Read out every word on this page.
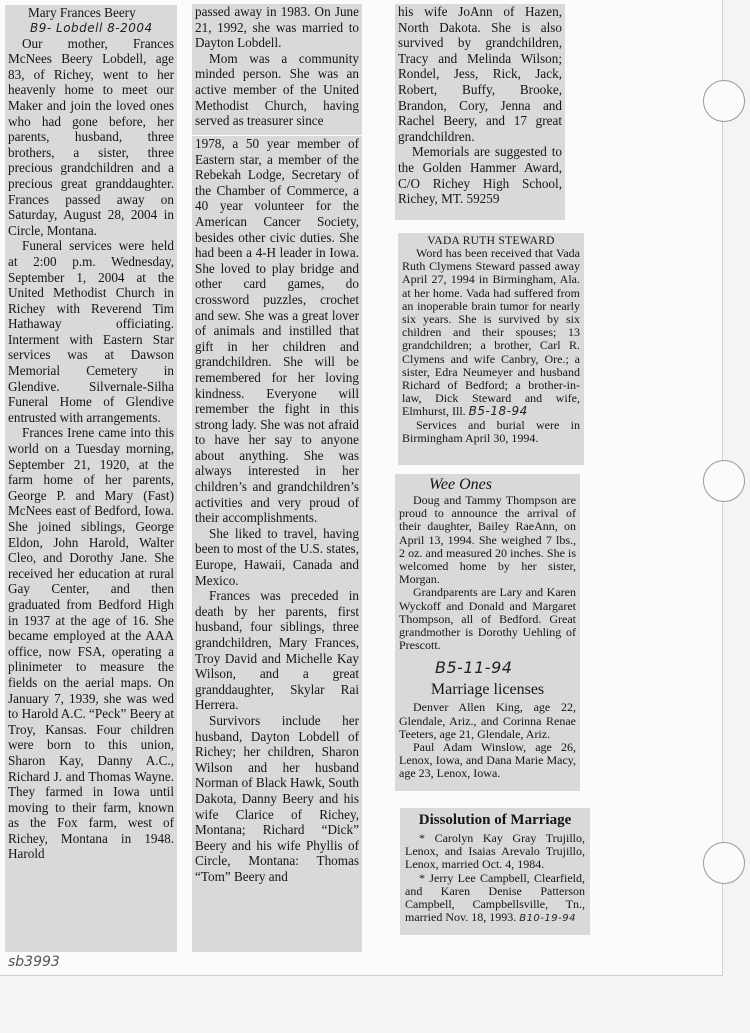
Mary Frances Beery
B9- Lobdell 8-2004

Our mother, Frances McNees Beery Lobdell, age 83, of Richey, went to her heavenly home to meet our Maker and join the loved ones who had gone before, her parents, husband, three brothers, a sister, three precious grandchildren and a precious great granddaughter. Frances passed away on Saturday, August 28, 2004 in Circle, Montana.

Funeral services were held at 2:00 p.m. Wednesday, September 1, 2004 at the United Methodist Church in Richey with Reverend Tim Hathaway officiating. Interment with Eastern Star services was at Dawson Memorial Cemetery in Glendive. Silvernale-Silha Funeral Home of Glendive entrusted with arrangements.

Frances Irene came into this world on a Tuesday morning, September 21, 1920, at the farm home of her parents, George P. and Mary (Fast) McNees east of Bedford, Iowa. She joined siblings, George Eldon, John Harold, Walter Cleo, and Dorothy Jane. She received her education at rural Gay Center, and then graduated from Bedford High in 1937 at the age of 16. She became employed at the AAA office, now FSA, operating a plinimeter to measure the fields on the aerial maps. On January 7, 1939, she was wed to Harold A.C. “Peck” Beery at Troy, Kansas. Four children were born to this union, Sharon Kay, Danny A.C., Richard J. and Thomas Wayne. They farmed in Iowa until moving to their farm, known as the Fox farm, west of Richey, Montana in 1948. Harold

passed away in 1983. On June 21, 1992, she was married to Dayton Lobdell.

Mom was a community minded person. She was an active member of the United Methodist Church, having served as treasurer since

1978, a 50 year member of Eastern star, a member of the Rebekah Lodge, Secretary of the Chamber of Commerce, a 40 year volunteer for the American Cancer Society, besides other civic duties. She had been a 4-H leader in Iowa. She loved to play bridge and other card games, do crossword puzzles, crochet and sew. She was a great lover of animals and instilled that gift in her children and grandchildren. She will be remembered for her loving kindness. Everyone will remember the fight in this strong lady. She was not afraid to have her say to anyone about anything. She was always interested in her children’s and grandchildren’s activities and very proud of their accomplishments.

She liked to travel, having been to most of the U.S. states, Europe, Hawaii, Canada and Mexico.

Frances was preceded in death by her parents, first husband, four siblings, three grandchildren, Mary Frances, Troy David and Michelle Kay Wilson, and a great granddaughter, Skylar Rai Herrera.

Survivors include her husband, Dayton Lobdell of Richey; her children, Sharon Wilson and her husband Norman of Black Hawk, South Dakota, Danny Beery and his wife Clarice of Richey, Montana; Richard “Dick” Beery and his wife Phyllis of Circle, Montana: Thomas “Tom” Beery and

his wife JoAnn of Hazen, North Dakota. She is also survived by grandchildren, Tracy and Melinda Wilson; Rondel, Jess, Rick, Jack, Robert, Buffy, Brooke, Brandon, Cory, Jenna and Rachel Beery, and 17 great grandchildren.

Memorials are suggested to the Golden Hammer Award, C/O Richey High School, Richey, MT. 59259

VADA RUTH STEWARD

Word has been received that Vada Ruth Clymens Steward passed away April 27, 1994 in Birmingham, Ala. at her home. Vada had suffered from an inoperable brain tumor for nearly six years. She is survived by six children and their spouses; 13 grandchildren; a brother, Carl R. Clymens and wife Canbry, Ore.; a sister, Edra Neumeyer and husband Richard of Bedford; a brother-in-law, Dick Steward and wife, Elmhurst, Ill. B5-18-94

Services and burial were in Birmingham April 30, 1994.

Wee Ones

Doug and Tammy Thompson are proud to announce the arrival of their daughter, Bailey RaeAnn, on April 13, 1994. She weighed 7 lbs., 2 oz. and measured 20 inches. She is welcomed home by her sister, Morgan.

Grandparents are Lary and Karen Wyckoff and Donald and Margaret Thompson, all of Bedford. Great grandmother is Dorothy Uehling of Prescott.

B5-11-94
Marriage licenses

Denver Allen King, age 22, Glendale, Ariz., and Corinna Renae Teeters, age 21, Glendale, Ariz.

Paul Adam Winslow, age 26, Lenox, Iowa, and Dana Marie Macy, age 23, Lenox, Iowa.

Dissolution of Marriage

* Carolyn Kay Gray Trujillo, Lenox, and Isaias Arevalo Trujillo, Lenox, married Oct. 4, 1984.

* Jerry Lee Campbell, Clearfield, and Karen Denise Patterson Campbell, Campbellsville, Tn., married Nov. 18, 1993. B10-19-94

sb3993
